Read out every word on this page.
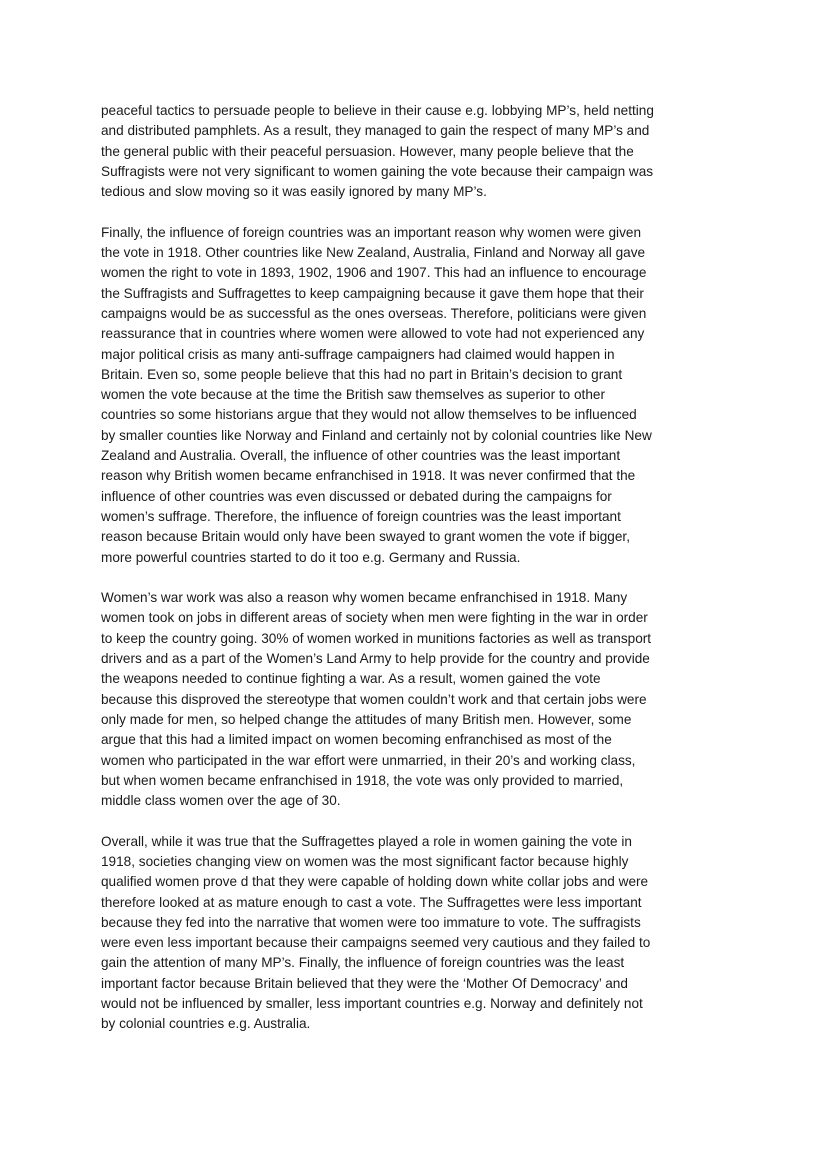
peaceful tactics to persuade people to believe in their cause e.g. lobbying MP’s, held netting
and distributed pamphlets. As a result, they managed to gain the respect of many MP’s and
the general public with their peaceful persuasion. However, many people believe that the
Suffragists were not very significant to women gaining the vote because their campaign was
tedious and slow moving so it was easily ignored by many MP’s.

Finally, the influence of foreign countries was an important reason why women were given
the vote in 1918. Other countries like New Zealand, Australia, Finland and Norway all gave
women the right to vote in 1893, 1902, 1906 and 1907. This had an influence to encourage
the Suffragists and Suffragettes to keep campaigning because it gave them hope that their
campaigns would be as successful as the ones overseas. Therefore, politicians were given
reassurance that in countries where women were allowed to vote had not experienced any
major political crisis as many anti-suffrage campaigners had claimed would happen in
Britain. Even so, some people believe that this had no part in Britain’s decision to grant
women the vote because at the time the British saw themselves as superior to other
countries so some historians argue that they would not allow themselves to be influenced
by smaller counties like Norway and Finland and certainly not by colonial countries like New
Zealand and Australia. Overall, the influence of other countries was the least important
reason why British women became enfranchised in 1918. It was never confirmed that the
influence of other countries was even discussed or debated during the campaigns for
women’s suffrage. Therefore, the influence of foreign countries was the least important
reason because Britain would only have been swayed to grant women the vote if bigger,
more powerful countries started to do it too e.g. Germany and Russia.

Women’s war work was also a reason why women became enfranchised in 1918. Many
women took on jobs in different areas of society when men were fighting in the war in order
to keep the country going. 30% of women worked in munitions factories as well as transport
drivers and as a part of the Women’s Land Army to help provide for the country and provide
the weapons needed to continue fighting a war. As a result, women gained the vote
because this disproved the stereotype that women couldn’t work and that certain jobs were
only made for men, so helped change the attitudes of many British men. However, some
argue that this had a limited impact on women becoming enfranchised as most of the
women who participated in the war effort were unmarried, in their 20’s and working class,
but when women became enfranchised in 1918, the vote was only provided to married,
middle class women over the age of 30.

Overall, while it was true that the Suffragettes played a role in women gaining the vote in
1918, societies changing view on women was the most significant factor because highly
qualified women prove d that they were capable of holding down white collar jobs and were
therefore looked at as mature enough to cast a vote. The Suffragettes were less important
because they fed into the narrative that women were too immature to vote. The suffragists
were even less important because their campaigns seemed very cautious and they failed to
gain the attention of many MP’s. Finally, the influence of foreign countries was the least
important factor because Britain believed that they were the ‘Mother Of Democracy’ and
would not be influenced by smaller, less important countries e.g. Norway and definitely not
by colonial countries e.g. Australia.
